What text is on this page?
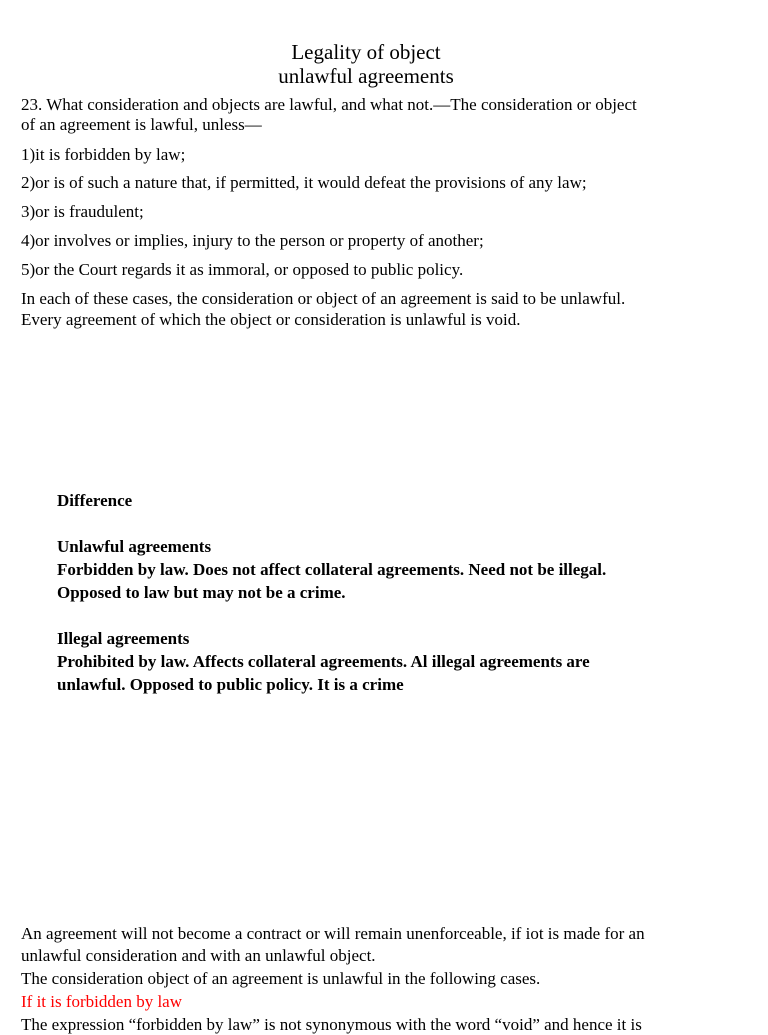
Legality of object
unlawful agreements
23. What consideration and objects are lawful, and what not.—The consideration or object
of an agreement is lawful, unless—
1)it is forbidden by law;
2)or is of such a nature that, if permitted, it would defeat the provisions of any law;
3)or is fraudulent;
4)or involves or implies, injury to the person or property of another;
5)or the Court regards it as immoral, or opposed to public policy.
In each of these cases, the consideration or object of an agreement is said to be unlawful.
Every agreement of which the object or consideration is unlawful is void.
Difference
Unlawful agreements
Forbidden by law. Does not affect collateral agreements. Need not be illegal.
Opposed to law but may not be a crime.
Illegal agreements
Prohibited by law. Affects collateral agreements. Al illegal agreements are
unlawful. Opposed to public policy. It is a crime
An agreement will not become a contract or will remain unenforceable, if iot is made for an
unlawful consideration and with an unlawful object.
The consideration object of an agreement is unlawful in the following cases.
If it is forbidden by law
The expression “forbidden by law” is not synonymous with the word “void” and hence it is
